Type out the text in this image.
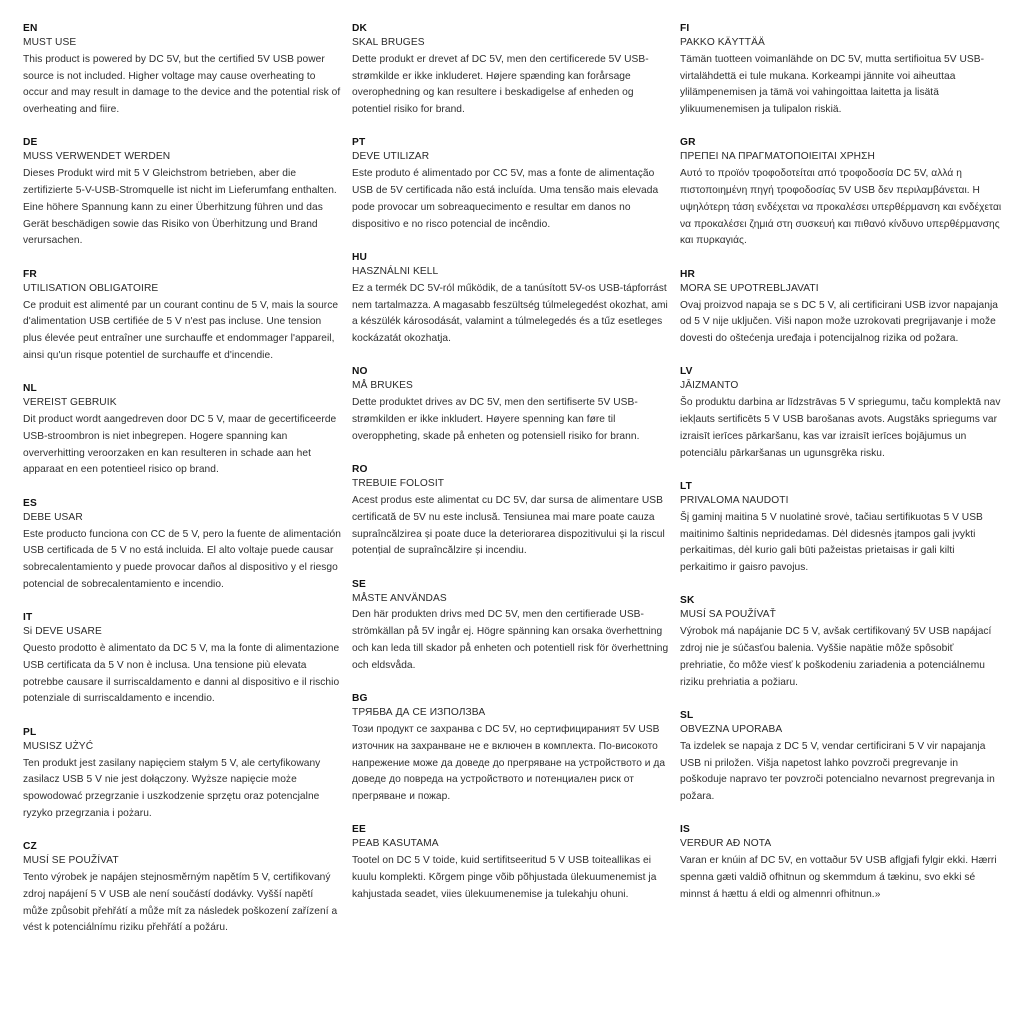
EN
MUST USE
This product is powered by DC 5V, but the certified 5V USB power source is not included. Higher voltage may cause overheating to occur and may result in damage to the device and the potential risk of overheating and fiire.
DE
MUSS VERWENDET WERDEN
Dieses Produkt wird mit 5 V Gleichstrom betrieben, aber die zertifizierte 5-V-USB-Stromquelle ist nicht im Lieferumfang enthalten. Eine höhere Spannung kann zu einer Überhitzung führen und das Gerät beschädigen sowie das Risiko von Überhitzung und Brand verursachen.
FR
UTILISATION OBLIGATOIRE
Ce produit est alimenté par un courant continu de 5 V, mais la source d'alimentation USB certifiée de 5 V n'est pas incluse. Une tension plus élevée peut entraîner une surchauffe et endommager l'appareil, ainsi qu'un risque potentiel de surchauffe et d'incendie.
NL
VEREIST GEBRUIK
Dit product wordt aangedreven door DC 5 V, maar de gecertificeerde USB-stroombron is niet inbegrepen. Hogere spanning kan oververhitting veroorzaken en kan resulteren in schade aan het apparaat en een potentieel risico op brand.
ES
DEBE USAR
Este producto funciona con CC de 5 V, pero la fuente de alimentación USB certificada de 5 V no está incluida. El alto voltaje puede causar sobrecalentamiento y puede provocar daños al dispositivo y el riesgo potencial de sobrecalentamiento e incendio.
IT
Si DEVE USARE
Questo prodotto è alimentato da DC 5 V, ma la fonte di alimentazione USB certificata da 5 V non è inclusa. Una tensione più elevata potrebbe causare il surriscaldamento e danni al dispositivo e il rischio potenziale di surriscaldamento e incendio.
PL
MUSISZ UŻYĆ
Ten produkt jest zasilany napięciem stałym 5 V, ale certyfikowany zasilacz USB 5 V nie jest dołączony. Wyższe napięcie może spowodować przegrzanie i uszkodzenie sprzętu oraz potencjalne ryzyko przegrzania i pożaru.
CZ
MUSÍ SE POUŽÍVAT
Tento výrobek je napájen stejnosměrným napětím 5 V, certifikovaný zdroj napájení 5 V USB ale není součástí dodávky. Vyšší napětí může způsobit přehřátí a může mít za následek poškození zařízení a vést k potenciálnímu riziku přehřátí a požáru.
DK
SKAL BRUGES
Dette produkt er drevet af DC 5V, men den certificerede 5V USB-strømkilde er ikke inkluderet. Højere spænding kan forårsage overophedning og kan resultere i beskadigelse af enheden og potentiel risiko for brand.
PT
DEVE UTILIZAR
Este produto é alimentado por CC 5V, mas a fonte de alimentação USB de 5V certificada não está incluída. Uma tensão mais elevada pode provocar um sobreaquecimento e resultar em danos no dispositivo e no risco potencial de incêndio.
HU
HASZNÁLNI KELL
Ez a termék DC 5V-ról működik, de a tanúsított 5V-os USB-tápforrást nem tartalmazza. A magasabb feszültség túlmelegedést okozhat, ami a készülék károsodását, valamint a túlmelegedés és a tűz esetleges kockázatát okozhatja.
NO
MÅ BRUKES
Dette produktet drives av DC 5V, men den sertifiserte 5V USB-strømkilden er ikke inkludert. Høyere spenning kan føre til overoppheting, skade på enheten og potensiell risiko for brann.
RO
TREBUIE FOLOSIT
Acest produs este alimentat cu DC 5V, dar sursa de alimentare USB certificată de 5V nu este inclusă. Tensiunea mai mare poate cauza supraîncălzirea și poate duce la deteriorarea dispozitivului și la riscul potențial de supraîncălzire și incendiu.
SE
MÅSTE ANVÄNDAS
Den här produkten drivs med DC 5V, men den certifierade USB-strömkällan på 5V ingår ej. Högre spänning kan orsaka överhettning och kan leda till skador på enheten och potentiell risk för överhettning och eldsvåda.
BG
ТРЯБВА ДА СЕ ИЗПОЛЗВА
Този продукт се захранва с DC 5V, но сертифицираният 5V USB източник на захранване не е включен в комплекта. По-високото напрежение може да доведе до прегряване на устройството и да доведе до повреда на устройството и потенциален риск от прегряване и пожар.
EE
PEAB KASUTAMA
Tootel on DC 5 V toide, kuid sertifitseeritud 5 V USB toiteallikas ei kuulu komplekti. Kõrgem pinge võib põhjustada ülekuumenemist ja kahjustada seadet, viies ülekuumenemise ja tulekahju ohuni.
FI
PAKKO KÄYTTÄÄ
Tämän tuotteen voimanlähde on DC 5V, mutta sertifioitua 5V USB-virtalähdettä ei tule mukana. Korkeampi jännite voi aiheuttaa ylilämpenemisen ja tämä voi vahingoittaa laitetta ja lisätä ylikuumenemisen ja tulipalon riskiä.
GR
ΠΡΕΠΕΙ ΝΑ ΠΡΑΓΜΑΤΟΠΟΙΕΙΤΑΙ ΧΡΗΣΗ
Αυτό το προϊόν τροφοδοτείται από τροφοδοσία DC 5V, αλλά η πιστοποιημένη πηγή τροφοδοσίας 5V USB δεν περιλαμβάνεται. Η υψηλότερη τάση ενδέχεται να προκαλέσει υπερθέρμανση και ενδέχεται να προκαλέσει ζημιά στη συσκευή και πιθανό κίνδυνο υπερθέρμανσης και πυρκαγιάς.
HR
MORA SE UPOTREBLJAVATI
Ovaj proizvod napaja se s DC 5 V, ali certificirani USB izvor napajanja od 5 V nije uključen. Viši napon može uzrokovati pregrijavanje i može dovesti do oštećenja uređaja i potencijalnog rizika od požara.
LV
JĀIZMANTO
Šo produktu darbina ar līdzstrāvas 5 V spriegumu, taču komplektā nav iekļauts sertificēts 5 V USB barošanas avots. Augstāks spriegums var izraisīt ierīces pārkaršanu, kas var izraisīt ierīces bojājumus un potenciālu pārkaršanas un ugunsgrēka risku.
LT
PRIVALOMA NAUDOTI
Šį gaminį maitina 5 V nuolatinė srovė, tačiau sertifikuotas 5 V USB maitinimo šaltinis nepridedamas. Dėl didesnės įtampos gali įvykti perkaitimas, dėl kurio gali būti pažeistas prietaisas ir gali kilti perkaitimo ir gaisro pavojus.
SK
MUSÍ SA POUŽÍVAŤ
Výrobok má napájanie DC 5 V, avšak certifikovaný 5V USB napájací zdroj nie je súčasťou balenia. Vyššie napätie môže spôsobiť prehriatie, čo môže viesť k poškodeniu zariadenia a potenciálnemu riziku prehriatia a požiaru.
SL
OBVEZNA UPORABA
Ta izdelek se napaja z DC 5 V, vendar certificirani 5 V vir napajanja USB ni priložen. Višja napetost lahko povzroči pregrevanje in poškoduje napravo ter povzroči potencialno nevarnost pregrevanja in požara.
IS
VERÐUR AÐ NOTA
Varan er knúin af DC 5V, en vottaður 5V USB aflgjafi fylgir ekki. Hærri spenna gæti valdið ofhitnun og skemmdum á tækinu, svo ekki sé minnst á hættu á eldi og almennri ofhitnun.»
